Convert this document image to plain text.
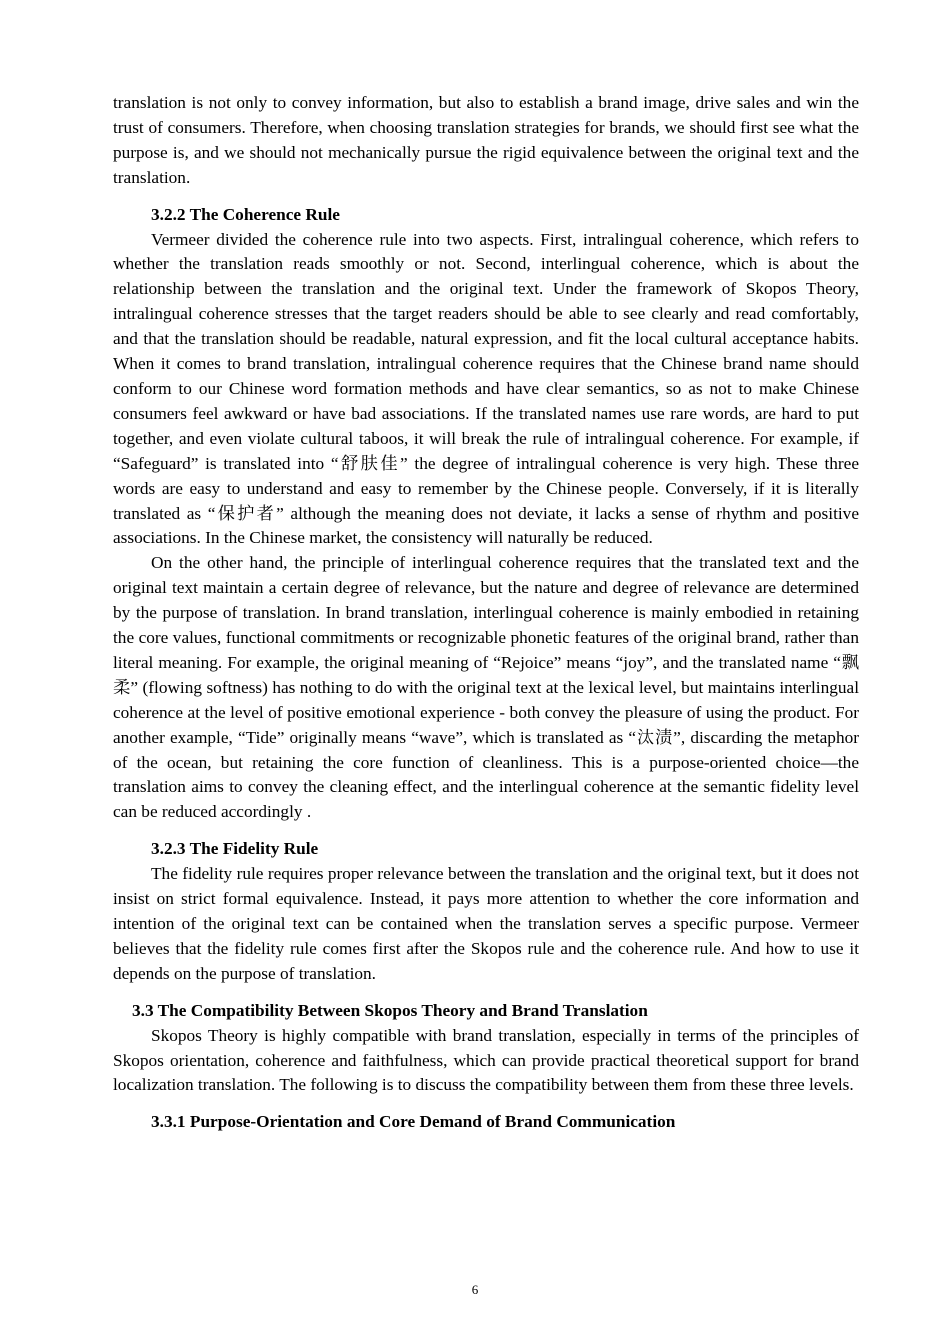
translation is not only to convey information, but also to establish a brand image, drive sales and win the trust of consumers. Therefore, when choosing translation strategies for brands, we should first see what the purpose is, and we should not mechanically pursue the rigid equivalence between the original text and the translation.

3.2.2 The Coherence Rule

Vermeer divided the coherence rule into two aspects. First, intralingual coherence, which refers to whether the translation reads smoothly or not. Second, interlingual coherence, which is about the relationship between the translation and the original text. Under the framework of Skopos Theory, intralingual coherence stresses that the target readers should be able to see clearly and read comfortably, and that the translation should be readable, natural expression, and fit the local cultural acceptance habits. When it comes to brand translation, intralingual coherence requires that the Chinese brand name should conform to our Chinese word formation methods and have clear semantics, so as not to make Chinese consumers feel awkward or have bad associations. If the translated names use rare words, are hard to put together, and even violate cultural taboos, it will break the rule of intralingual coherence. For example, if “Safeguard” is translated into “舒肤佳” the degree of intralingual coherence is very high. These three words are easy to understand and easy to remember by the Chinese people. Conversely, if it is literally translated as “保护者” although the meaning does not deviate, it lacks a sense of rhythm and positive associations. In the Chinese market, the consistency will naturally be reduced.

On the other hand, the principle of interlingual coherence requires that the translated text and the original text maintain a certain degree of relevance, but the nature and degree of relevance are determined by the purpose of translation. In brand translation, interlingual coherence is mainly embodied in retaining the core values, functional commitments or recognizable phonetic features of the original brand, rather than literal meaning. For example, the original meaning of “Rejoice” means “joy”, and the translated name “飘柔” (flowing softness) has nothing to do with the original text at the lexical level, but maintains interlingual coherence at the level of positive emotional experience - both convey the pleasure of using the product. For another example, “Tide” originally means “wave”, which is translated as “汰渍”, discarding the metaphor of the ocean, but retaining the core function of cleanliness. This is a purpose-oriented choice—the translation aims to convey the cleaning effect, and the interlingual coherence at the semantic fidelity level can be reduced accordingly .

3.2.3 The Fidelity Rule

The fidelity rule requires proper relevance between the translation and the original text, but it does not insist on strict formal equivalence. Instead, it pays more attention to whether the core information and intention of the original text can be contained when the translation serves a specific purpose. Vermeer believes that the fidelity rule comes first after the Skopos rule and the coherence rule. And how to use it depends on the purpose of translation.

3.3 The Compatibility Between Skopos Theory and Brand Translation

Skopos Theory is highly compatible with brand translation, especially in terms of the principles of Skopos orientation, coherence and faithfulness, which can provide practical theoretical support for brand localization translation. The following is to discuss the compatibility between them from these three levels.

3.3.1 Purpose-Orientation and Core Demand of Brand Communication
6
